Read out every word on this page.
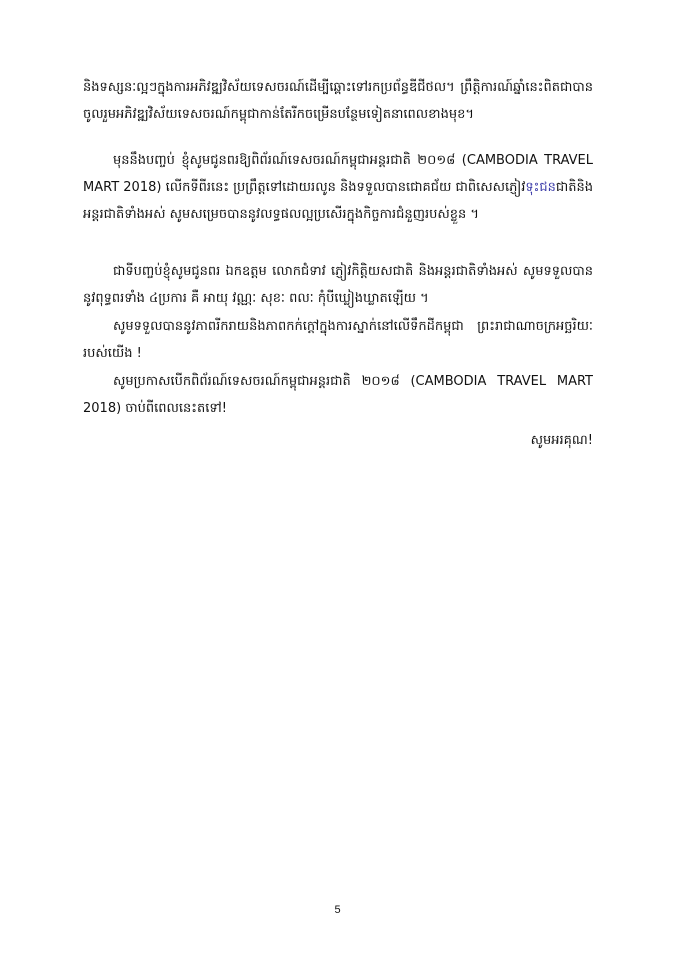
និងទស្សនៈល្អៗក្នុងការអភិវឌ្ឍវិស័យទេសចរណ៍ដើម្បីឆ្ពោះទៅរកប្រព័ន្ធឌីជីថល។ ព្រឹត្តិការណ៍ឆ្នាំនេះពិតជាបានចូលរួមអភិវឌ្ឍវិស័យទេសចរណ៍កម្ពុជាកាន់តែរីកចម្រើនបន្ថែមទៀតនាពេលខាងមុខ។

មុននឹងបញ្ចប់ ខ្ញុំសូមជូនពរឱ្យពិព័រណ៍ទេសចរណ៍កម្ពុជាអន្តរជាតិ ២០១៨ (CAMBODIA TRAVEL MART 2018) លើកទីពីរនេះ ប្រព្រឹត្តទៅដោយរលូន និងទទួលបានជោគជ័យ ជាពិសេសភ្ញៀវទុះជនជាតិនិងអន្តរជាតិទាំងអស់ សូមសម្រេចបាននូវលទ្ធផលល្អប្រសើរក្នុងកិច្ចការជំនួញរបស់ខ្លួន ។

ជាទីបញ្ចប់ខ្ញុំសូមជូនពរ ឯកឧត្តម លោកជំទាវ ភ្ញៀវកិត្តិយសជាតិ និងអន្តរជាតិទាំងអស់ សូមទទួលបាននូវពុទ្ធពរទាំង ៤ប្រការ គឺ អាយុ វណ្ណៈ សុខៈ ពលៈ កុំបីឃ្លៀងឃ្លាតឡើយ ។

សូមទទួលបាននូវភាពរីករាយនិងភាពកក់ក្ដៅក្នុងការស្នាក់នៅលើទឹកដីកម្ពុជា ព្រះរាជាណាចក្រអច្ឆរិយៈរបស់យើង !

សូមប្រកាសបើកពិព័រណ៍ទេសចរណ៍កម្ពុជាអន្តរជាតិ ២០១៨ (CAMBODIA TRAVEL MART 2018) ចាប់ពីពេលនេះតទៅ!

សូមអរគុណ!
5
